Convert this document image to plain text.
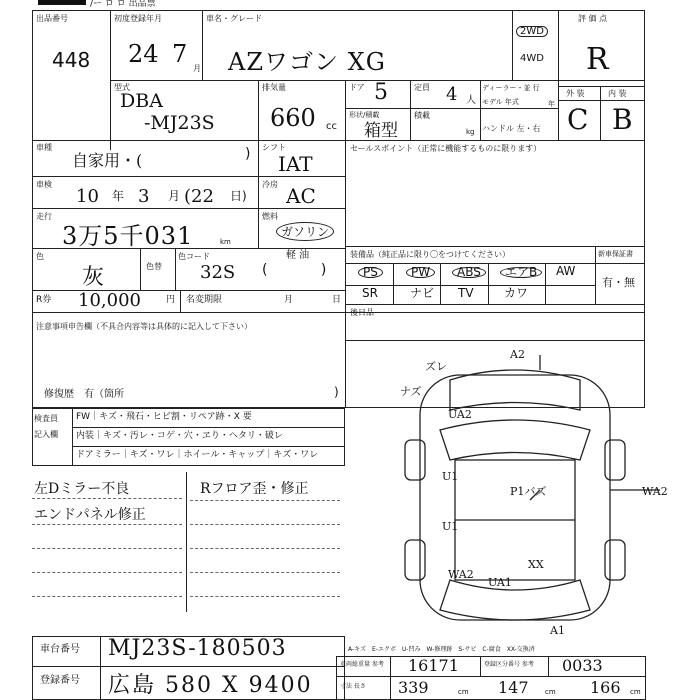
/ー ロ ロ 出品票
出品番号
448
初度登録年月
24 7
月
車名・グレード
AZワゴン XG
2WD
4WD
評 価 点
R
外 装	内 装
C B
型式
DBA
-MJ23S
排気量
660 cc
ドア 5	定員 4 人
ディーラー・並 行
モデル 年式	年
形状/積載
箱型
積載
kg ハンドル 左・右
車種
自家用・(	) シフト
IAT
車検
10 年 3 月 (22 日)
冷房 AC
走行
3万5千031	km
燃料
ガソリン
軽 油
色
灰	色替
色コード
32S (            )
R券 10,000	円 名変期限	月	日
セールスポイント（正常に機能するものに限ります）
装備品（純正品に限り〇をつけてください）	新車保証書
有・無
PS	PW	ABS	エアB	AW
SR	ナビ TV	カワ
後日品
注意事項申告欄（不具合内容等は具体的に記入して下さい）
修復歴　有（箇所	)
検査員
記入欄
FW｜キズ・飛石・ヒビ割・リペア跡・X 要
内装｜キズ・汚レ・コゲ・穴・ヱり・ヘタリ・破レ
ドアミラー｜キズ・ワレ｜ホイール・キャップ｜キズ・ワレ
左Dミラー不良
エンドパネル修正
Rフロア歪・修正
A2
ズレ
ナズ
UA2
U1
U1
P1バズ	WA2
WA2
UA1
XX
A1
A-キズ　E-エクボ　U-凹み　W-修理跡　S-サビ　C-腐食　XX-交換済
車台番号 MJ23S-180503
登録番号 広島 580 X 9400
車両総重量 参考 16171	登録区分番号 参考 0033
寸法 長さ 339	147	166
cm	cm	cm
